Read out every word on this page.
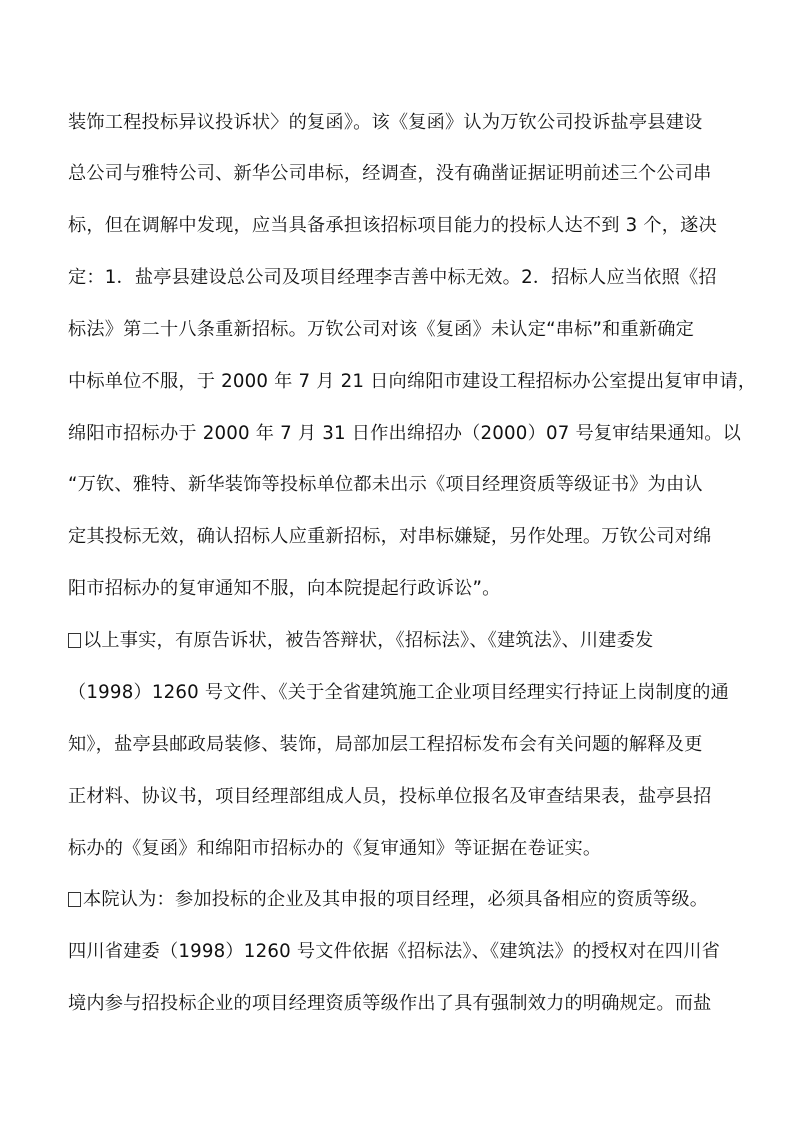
装饰工程投标异议投诉状〉的复函》。该《复函》认为万钦公司投诉盐亭县建设
总公司与雅特公司、新华公司串标，经调查，没有确凿证据证明前述三个公司串
标，但在调解中发现，应当具备承担该招标项目能力的投标人达不到 3 个，遂决
定：1．盐亭县建设总公司及项目经理李吉善中标无效。2．招标人应当依照《招
标法》第二十八条重新招标。万钦公司对该《复函》未认定“串标”和重新确定
中标单位不服，于 2000 年 7 月 21 日向绵阳市建设工程招标办公室提出复审申请，
绵阳市招标办于 2000 年 7 月 31 日作出绵招办（2000）07 号复审结果通知。以
“万钦、雅特、新华装饰等投标单位都未出示《项目经理资质等级证书》为由认
定其投标无效，确认招标人应重新招标，对串标嫌疑，另作处理。万钦公司对绵
阳市招标办的复审通知不服，向本院提起行政诉讼”。
以上事实，有原告诉状，被告答辩状，《招标法》、《建筑法》、川建委发
（1998）1260 号文件、《关于全省建筑施工企业项目经理实行持证上岗制度的通
知》，盐亭县邮政局装修、装饰，局部加层工程招标发布会有关问题的解释及更
正材料、协议书，项目经理部组成人员，投标单位报名及审查结果表，盐亭县招
标办的《复函》和绵阳市招标办的《复审通知》等证据在卷证实。
本院认为：参加投标的企业及其申报的项目经理，必须具备相应的资质等级。
四川省建委（1998）1260 号文件依据《招标法》、《建筑法》的授权对在四川省
境内参与招投标企业的项目经理资质等级作出了具有强制效力的明确规定。而盐
